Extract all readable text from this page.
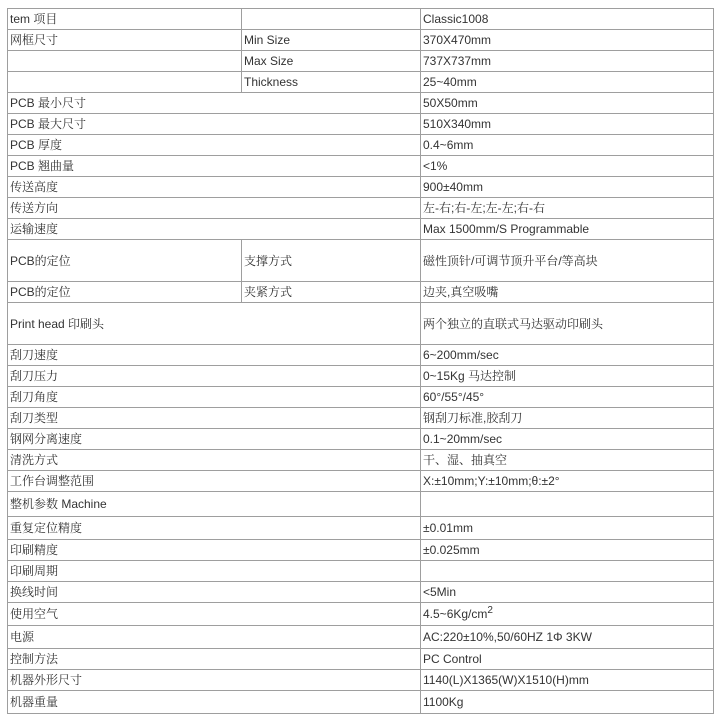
tem 项目		Classic1008
网框尺寸	Min Size	370X470mm
	Max Size	737X737mm
	Thickness	25~40mm
PCB 最小尺寸		50X50mm
PCB 最大尺寸		510X340mm
PCB 厚度		0.4~6mm
PCB 翘曲量		<1%
传送高度		900±40mm
传送方向		左-右;右-左;左-左;右-右
运输速度		Max 1500mm/S Programmable
PCB的定位	支撑方式	磁性顶针/可调节顶升平台/等高块
PCB的定位	夹紧方式	边夹,真空吸嘴
Print head 印刷头		两个独立的直联式马达驱动印刷头
刮刀速度		6~200mm/sec
刮刀压力		0~15Kg 马达控制
刮刀角度		60°/55°/45°
刮刀类型		钢刮刀标准,胶刮刀
钢网分离速度		0.1~20mm/sec
清洗方式		干、湿、抽真空
工作台调整范围		X:±10mm;Y:±10mm;θ:±2°
整机参数 Machine		
重复定位精度		±0.01mm
印刷精度		±0.025mm
印刷周期		
换线时间		<5Min
使用空气		$4.5\sim 6Kg/cm^2$
电源		AC:220±10%,50/60HZ 1Φ 3KW
控制方法		PC Control
机器外形尺寸		1140(L)X1365(W)X1510(H)mm
机器重量		1100Kg
